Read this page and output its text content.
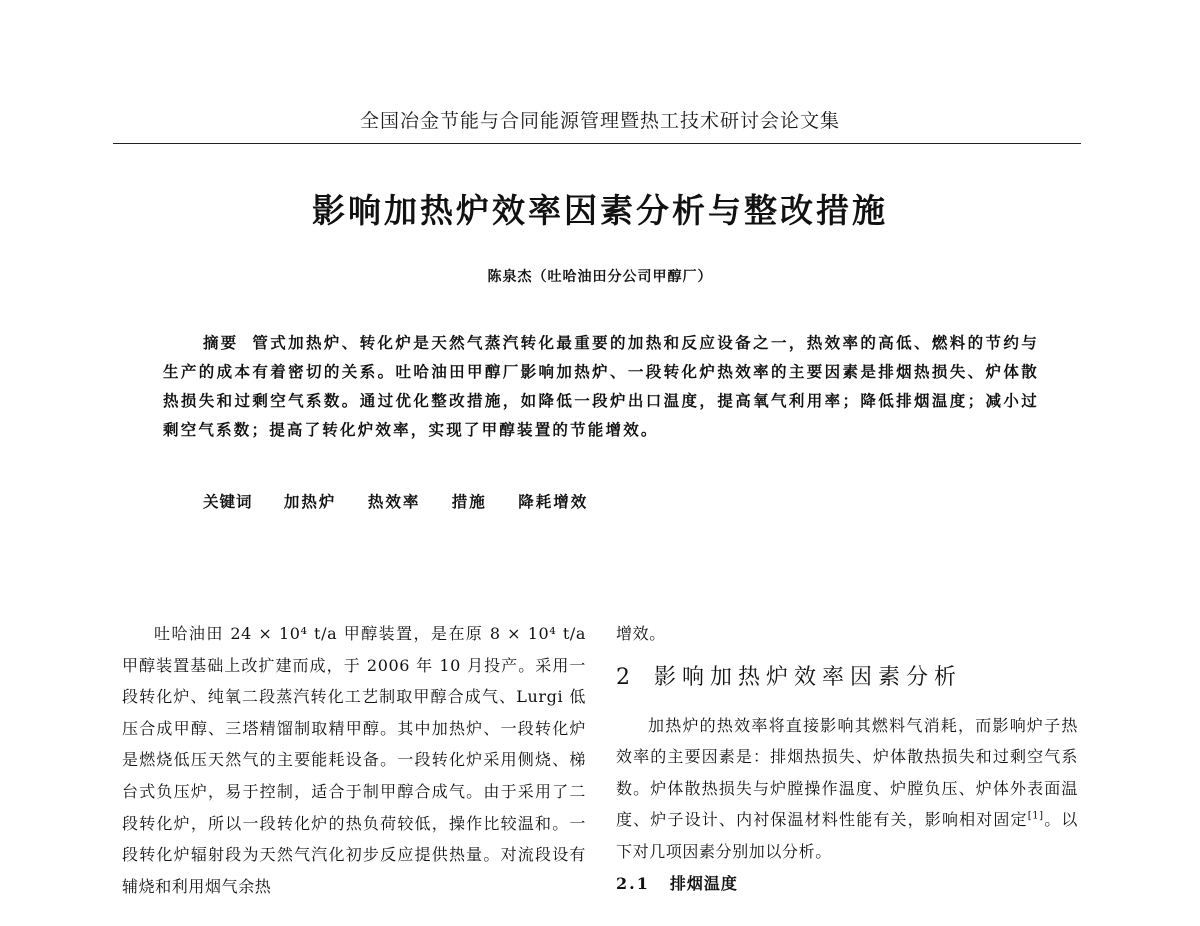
全国冶金节能与合同能源管理暨热工技术研讨会论文集
影响加热炉效率因素分析与整改措施
陈泉杰（吐哈油田分公司甲醇厂）
摘要 管式加热炉、转化炉是天然气蒸汽转化最重要的加热和反应设备之一，热效率的高低、燃料的节约与生产的成本有着密切的关系。吐哈油田甲醇厂影响加热炉、一段转化炉热效率的主要因素是排烟热损失、炉体散热损失和过剩空气系数。通过优化整改措施，如降低一段炉出口温度，提高氧气利用率；降低排烟温度；减小过剩空气系数；提高了转化炉效率，实现了甲醇装置的节能增效。
关键词 加热炉 热效率 措施 降耗增效
吐哈油田 24 × 10⁴ t/a 甲醇装置，是在原 8 × 10⁴ t/a 甲醇装置基础上改扩建而成，于 2006 年 10 月投产。采用一段转化炉、纯氧二段蒸汽转化工艺制取甲醇合成气、Lurgi 低压合成甲醇、三塔精馏制取精甲醇。其中加热炉、一段转化炉是燃烧低压天然气的主要能耗设备。一段转化炉采用侧烧、梯台式负压炉，易于控制，适合于制甲醇合成气。由于采用了二段转化炉，所以一段转化炉的热负荷较低，操作比较温和。一段转化炉辐射段为天然气汽化初步反应提供热量。对流段设有辅烧和利用烟气余热
增效。
2 影响加热炉效率因素分析
加热炉的热效率将直接影响其燃料气消耗，而影响炉子热效率的主要因素是：排烟热损失、炉体散热损失和过剩空气系数。炉体散热损失与炉膛操作温度、炉膛负压、炉体外表面温度、炉子设计、内衬保温材料性能有关，影响相对固定[1]。以下对几项因素分别加以分析。
2.1 排烟温度
